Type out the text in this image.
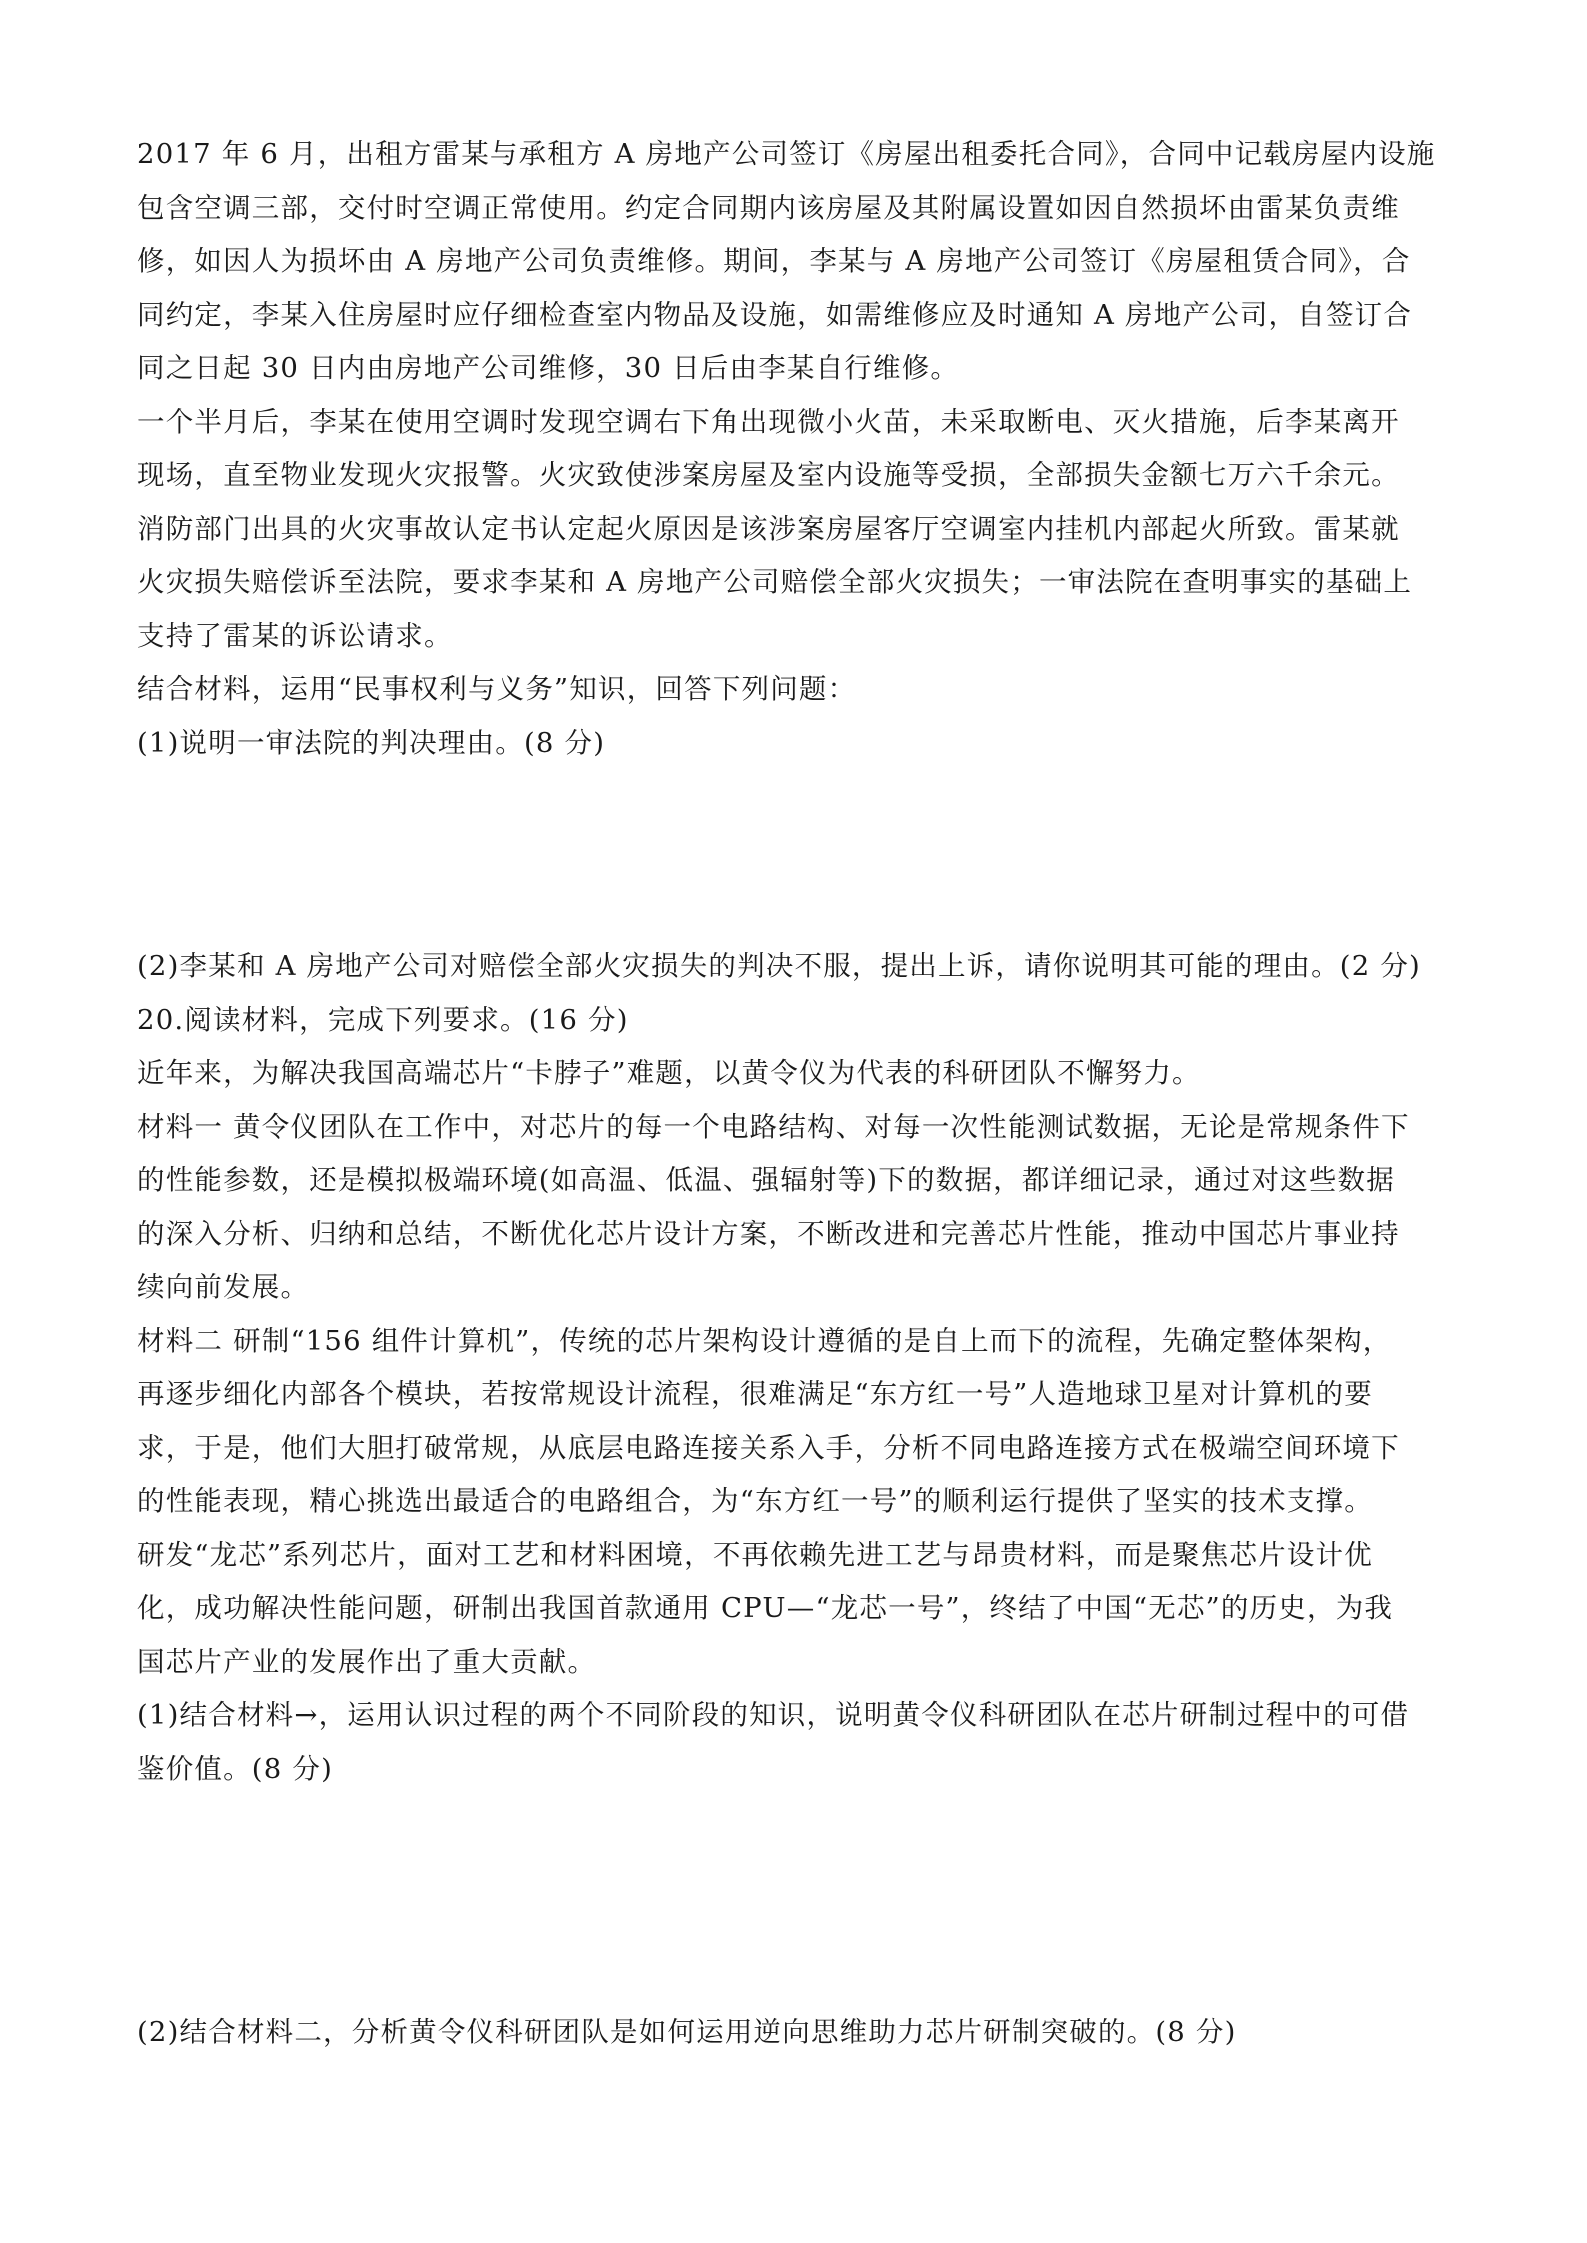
2017 年 6 月，出租方雷某与承租方 A 房地产公司签订《房屋出租委托合同》，合同中记载房屋内设施
包含空调三部，交付时空调正常使用。约定合同期内该房屋及其附属设置如因自然损坏由雷某负责维
修，如因人为损坏由 A 房地产公司负责维修。期间，李某与 A 房地产公司签订《房屋租赁合同》，合
同约定，李某入住房屋时应仔细检查室内物品及设施，如需维修应及时通知 A 房地产公司，自签订合
同之日起 30 日内由房地产公司维修，30 日后由李某自行维修。
一个半月后，李某在使用空调时发现空调右下角出现微小火苗，未采取断电、灭火措施，后李某离开
现场，直至物业发现火灾报警。火灾致使涉案房屋及室内设施等受损，全部损失金额七万六千余元。
消防部门出具的火灾事故认定书认定起火原因是该涉案房屋客厅空调室内挂机内部起火所致。雷某就
火灾损失赔偿诉至法院，要求李某和 A 房地产公司赔偿全部火灾损失；一审法院在查明事实的基础上
支持了雷某的诉讼请求。
结合材料，运用“民事权利与义务”知识，回答下列问题：
(1)说明一审法院的判决理由。(8 分)
(2)李某和 A 房地产公司对赔偿全部火灾损失的判决不服，提出上诉，请你说明其可能的理由。(2 分)
20.阅读材料，完成下列要求。(16 分)
近年来，为解决我国高端芯片“卡脖子”难题，以黄令仪为代表的科研团队不懈努力。
材料一 黄令仪团队在工作中，对芯片的每一个电路结构、对每一次性能测试数据，无论是常规条件下
的性能参数，还是模拟极端环境(如高温、低温、强辐射等)下的数据，都详细记录，通过对这些数据
的深入分析、归纳和总结，不断优化芯片设计方案，不断改进和完善芯片性能，推动中国芯片事业持
续向前发展。
材料二 研制“156 组件计算机”，传统的芯片架构设计遵循的是自上而下的流程，先确定整体架构，
再逐步细化内部各个模块，若按常规设计流程，很难满足“东方红一号”人造地球卫星对计算机的要
求，于是，他们大胆打破常规，从底层电路连接关系入手，分析不同电路连接方式在极端空间环境下
的性能表现，精心挑选出最适合的电路组合，为“东方红一号”的顺利运行提供了坚实的技术支撑。
研发“龙芯”系列芯片，面对工艺和材料困境，不再依赖先进工艺与昂贵材料，而是聚焦芯片设计优
化，成功解决性能问题，研制出我国首款通用 CPU—“龙芯一号”，终结了中国“无芯”的历史，为我
国芯片产业的发展作出了重大贡献。
(1)结合材料→，运用认识过程的两个不同阶段的知识，说明黄令仪科研团队在芯片研制过程中的可借
鉴价值。(8 分)
(2)结合材料二，分析黄令仪科研团队是如何运用逆向思维助力芯片研制突破的。(8 分)
